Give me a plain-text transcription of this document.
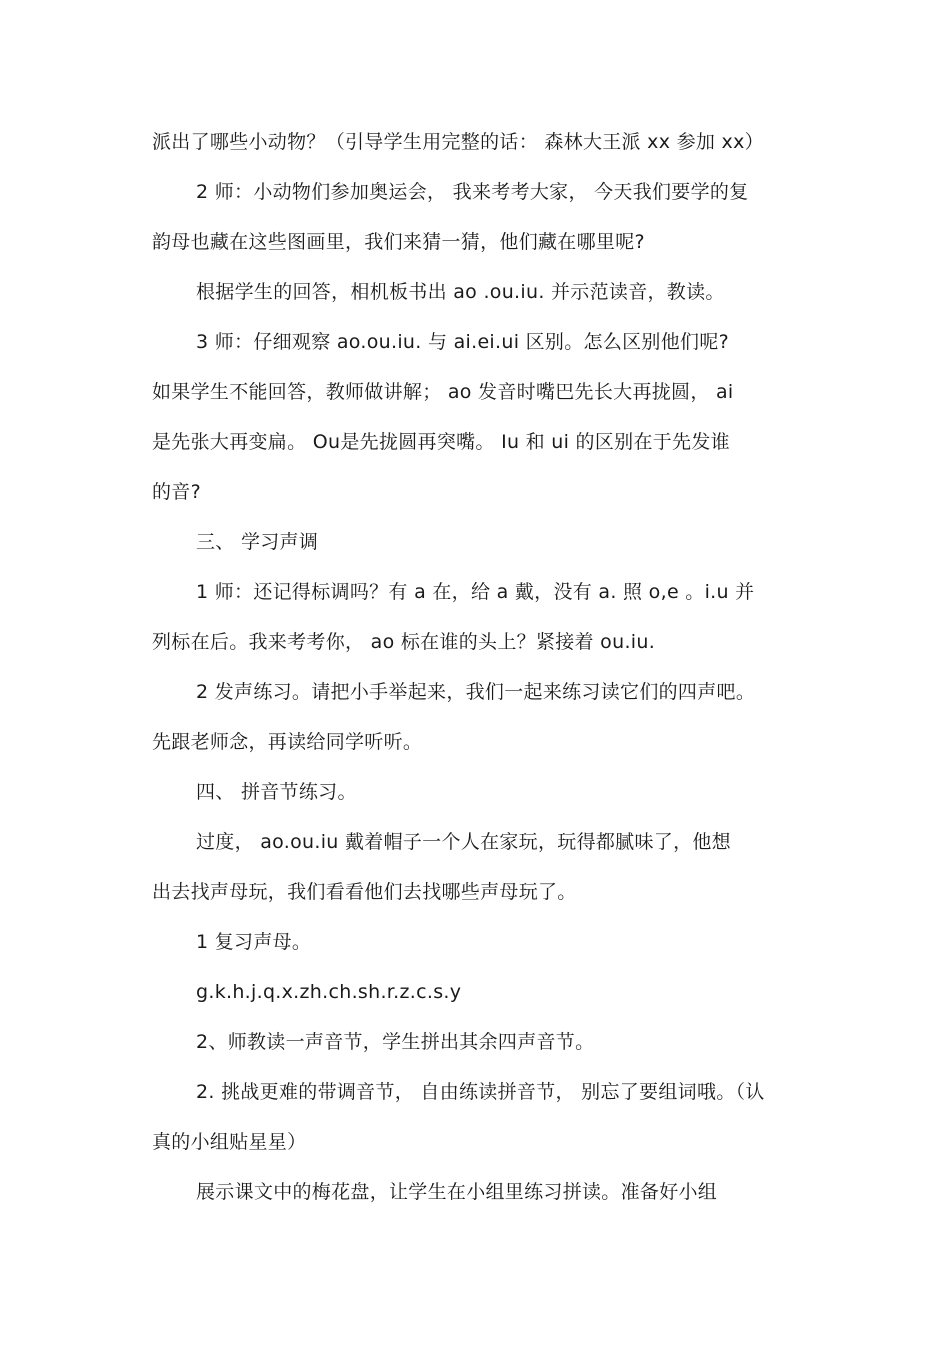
派出了哪些小动物？（引导学生用完整的话： 森林大王派 xx 参加 xx）
2 师：小动物们参加奥运会， 我来考考大家， 今天我们要学的复
韵母也藏在这些图画里，我们来猜一猜，他们藏在哪里呢?
根据学生的回答，相机板书出 ao .ou.iu. 并示范读音，教读。
3 师：仔细观察 ao.ou.iu. 与 ai.ei.ui 区别。怎么区别他们呢?
如果学生不能回答，教师做讲解； ao 发音时嘴巴先长大再拢圆， ai
是先张大再变扁。 Ou是先拢圆再突嘴。 Iu 和 ui 的区别在于先发谁
的音?
三、 学习声调
1 师：还记得标调吗？有 a 在，给 a 戴，没有 a. 照 o,e 。i.u 并
列标在后。我来考考你， ao 标在谁的头上？紧接着 ou.iu.
2 发声练习。请把小手举起来，我们一起来练习读它们的四声吧。
先跟老师念，再读给同学听听。
四、 拼音节练习。
过度， ao.ou.iu 戴着帽子一个人在家玩，玩得都腻味了，他想
出去找声母玩，我们看看他们去找哪些声母玩了。
1 复习声母。
g.k.h.j.q.x.zh.ch.sh.r.z.c.s.y
2、师教读一声音节，学生拼出其余四声音节。
2. 挑战更难的带调音节， 自由练读拼音节， 别忘了要组词哦。（认
真的小组贴星星）
展示课文中的梅花盘，让学生在小组里练习拼读。准备好小组
